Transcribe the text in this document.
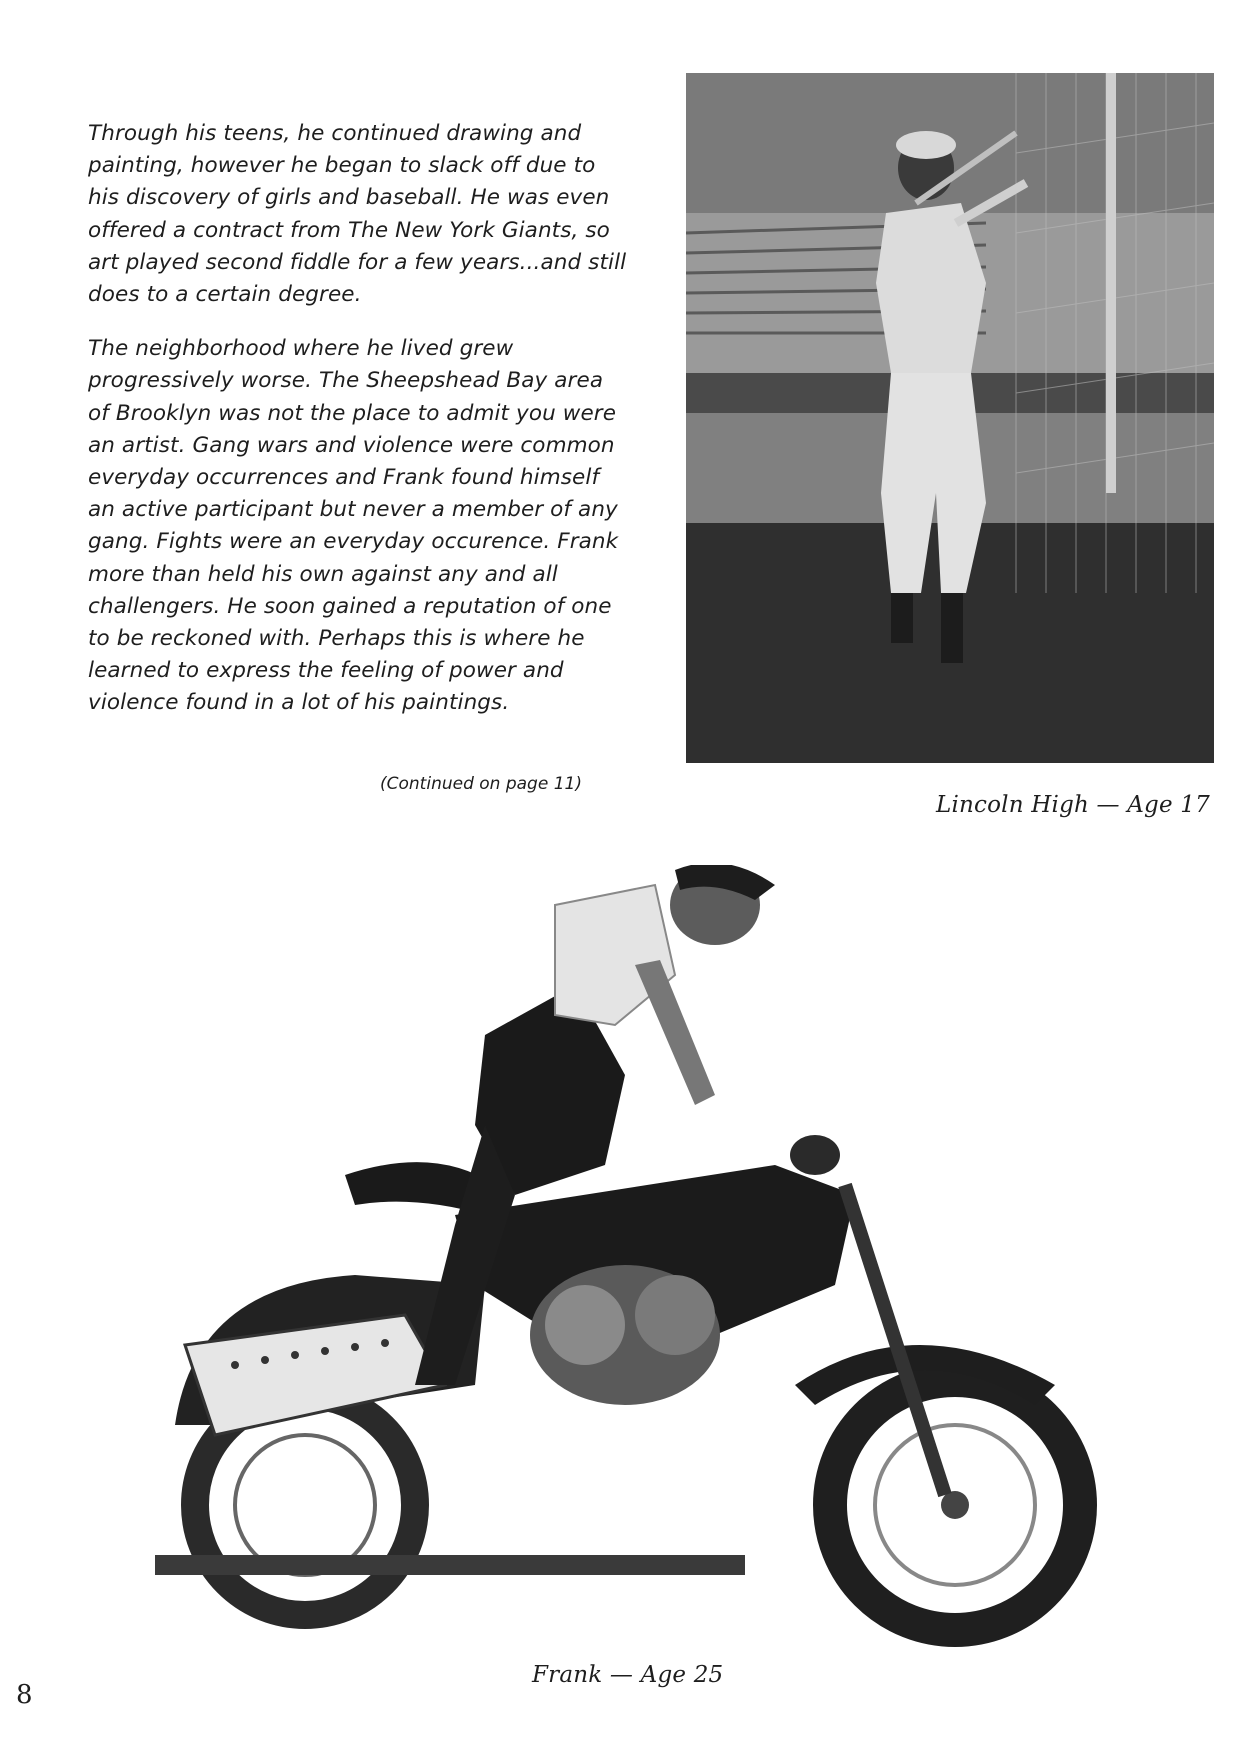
Through his teens, he continued drawing and painting, however he began to slack off due to his discovery of girls and baseball. He was even offered a contract from The New York Giants, so art played second fiddle for a few years...and still does to a certain degree.

The neighborhood where he lived grew progressively worse. The Sheepshead Bay area of Brooklyn was not the place to admit you were an artist. Gang wars and violence were common everyday occurrences and Frank found himself an active participant but never a member of any gang. Fights were an everyday occurence. Frank more than held his own against any and all challengers. He soon gained a reputation of one to be reckoned with. Perhaps this is where he learned to express the feeling of power and violence found in a lot of his paintings.

(Continued on page 11)
Lincoln High — Age 17
Frank — Age 25
8
